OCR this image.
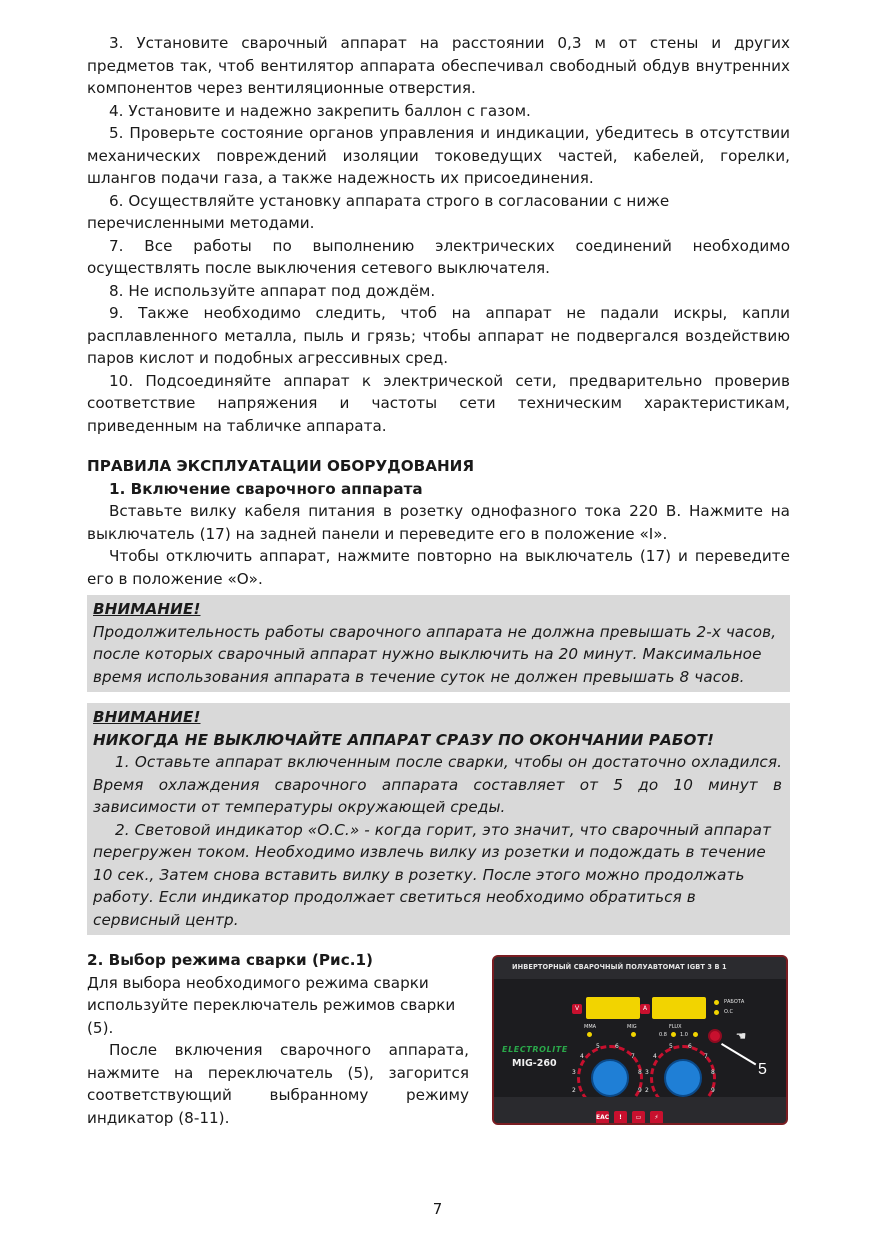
3. Установите сварочный аппарат на расстоянии 0,3 м от стены и других предметов так, чтоб вентилятор аппарата обеспечивал свободный обдув внутренних компонентов через вентиляционные отверстия.

4. Установите и надежно закрепить баллон с газом.

5. Проверьте состояние органов управления и индикации, убедитесь в отсутствии механических повреждений изоляции токоведущих частей, кабелей, горелки, шлангов подачи газа, а также надежность их присоединения.

6. Осуществляйте установку аппарата строго в согласовании с ниже перечисленными методами.

7. Все работы по выполнению электрических соединений необходимо осуществлять после выключения сетевого выключателя.

8. Не используйте аппарат под дождём.

9. Также необходимо следить, чтоб на аппарат не падали искры, капли расплавленного металла, пыль и грязь; чтобы аппарат не подвергался воздействию паров кислот и подобных агрессивных сред.

10. Подсоединяйте аппарат к электрической сети, предварительно проверив соответствие напряжения и частоты сети техническим характеристикам, приведенным на табличке аппарата.

ПРАВИЛА ЭКСПЛУАТАЦИИ ОБОРУДОВАНИЯ

1. Включение сварочного аппарата

Вставьте вилку кабеля питания в розетку однофазного тока 220 В. Нажмите на выключатель (17) на задней панели и переведите его в положение «I».

Чтобы отключить аппарат, нажмите повторно на выключатель (17) и переведите его в положение «О».

ВНИМАНИЕ!

Продолжительность работы сварочного аппарата не должна превышать 2-х часов, после которых сварочный аппарат нужно выключить на 20 минут. Максимальное время использования аппарата в течение суток не должен превышать 8 часов.

ВНИМАНИЕ!

НИКОГДА НЕ ВЫКЛЮЧАЙТЕ АППАРАТ СРАЗУ ПО ОКОНЧАНИИ РАБОТ!

1. Оставьте аппарат включенным после сварки, чтобы он достаточно охладился. Время охлаждения сварочного аппарата составляет от 5 до 10 минут в зависимости от температуры окружающей среды.

2. Световой индикатор «О.С.» - когда горит, это значит, что сварочный аппарат перегружен током. Необходимо извлечь вилку из розетки и подождать в течение 10 сек., Затем снова вставить вилку в розетку. После этого можно продолжать работу. Если индикатор продолжает светиться необходимо обратиться в сервисный центр.

2. Выбор режима сварки (Рис.1)

Для выбора необходимого режима сварки используйте переключатель режимов сварки (5).

После включения сварочного аппарата, нажмите на переключатель (5), загорится соответствующий выбранному режиму индикатор (8-11).

ИНВЕРТОРНЫЙ СВАРОЧНЫЙ ПОЛУАВТОМАТ IGBT 3 В 1
V	A
РАБОТА
О.С
MMA	MIG	FLUX
0.8	1.0
ELECTROLITE
MIG-260
2
3
4
5	6
7
8
9 2
3
4
5	6
7
8
9
☚
5
EAC	!	▭	⚡
7
